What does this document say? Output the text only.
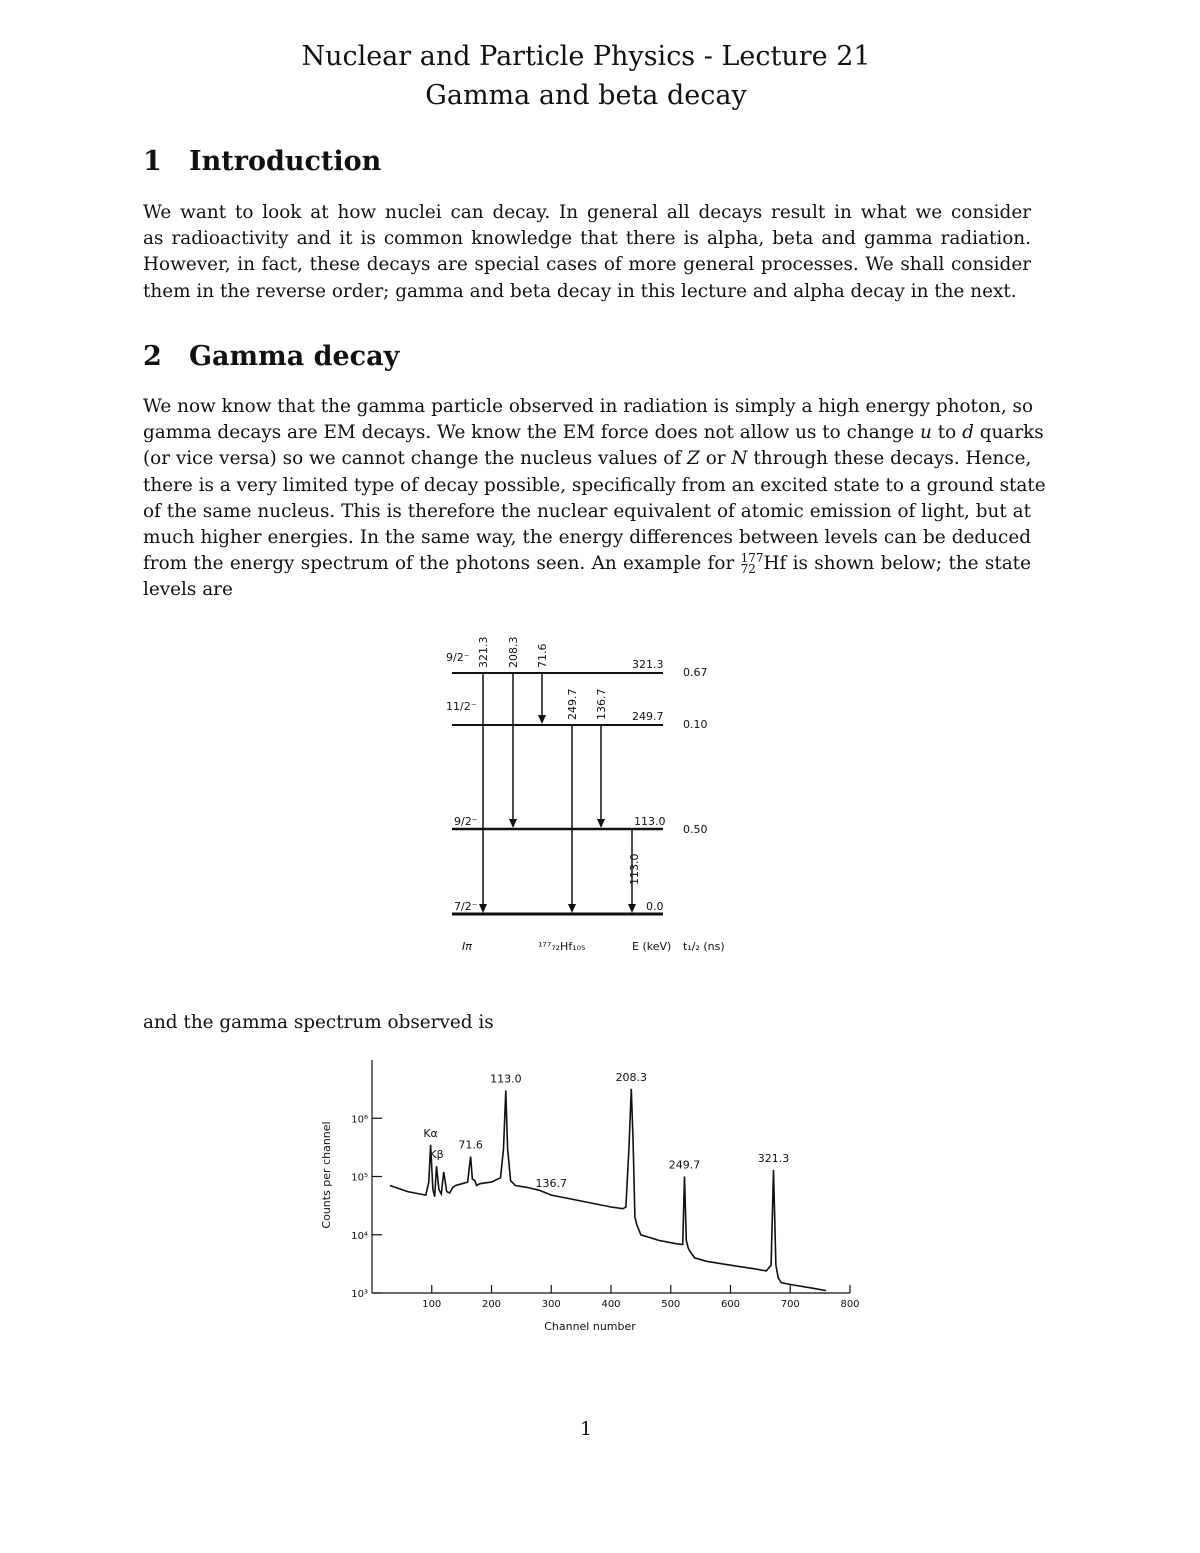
Nuclear and Particle Physics - Lecture 21
Gamma and beta decay
1 Introduction
We want to look at how nuclei can decay. In general all decays result in what we consider
as radioactivity and it is common knowledge that there is alpha, beta and gamma radiation.
However, in fact, these decays are special cases of more general processes. We shall consider
them in the reverse order; gamma and beta decay in this lecture and alpha decay in the next.
2 Gamma decay
We now know that the gamma particle observed in radiation is simply a high energy photon, so
gamma decays are EM decays. We know the EM force does not allow us to change u to d quarks
(or vice versa) so we cannot change the nucleus values of Z or N through these decays. Hence,
there is a very limited type of decay possible, specifically from an excited state to a ground state
of the same nucleus. This is therefore the nuclear equivalent of atomic emission of light, but at
much higher energies. In the same way, the energy differences between levels can be deduced
from the energy spectrum of the photons seen. An example for 177
72 Hf is shown below; the state
levels are
9/2⁻
11/2⁻
9/2⁻
7/2⁻
321.3
249.7
113.0
0.0
0.67
0.10
0.50
321.3 208.3 71.6
249.7 136.7
113.0
Iπ	¹⁷⁷₇₂Hf₁₀₅	E (keV) t₁/₂ (ns)
and the gamma spectrum observed is
100	200	300	400	500	600	700	800
10³
10⁴
10⁵
10⁶
113.0	208.3
249.7
321.3
136.7
71.6
Kα
Kβ
Channel number
Counts per channel
1
